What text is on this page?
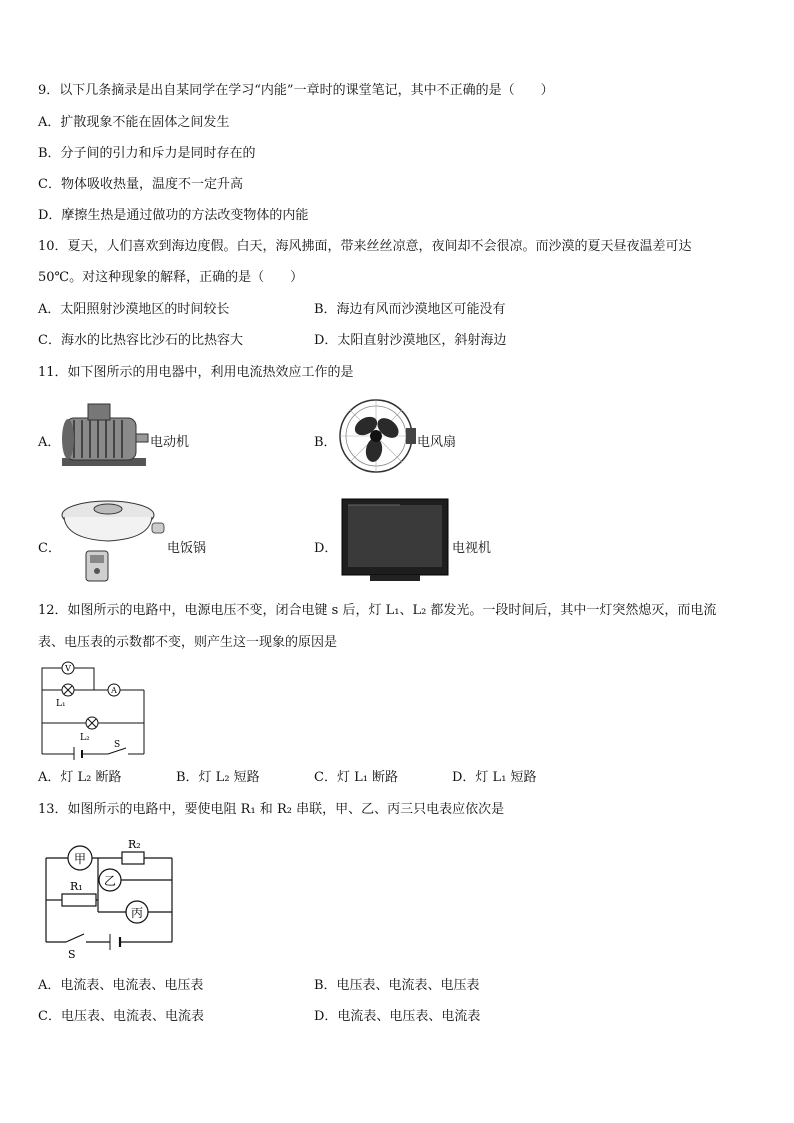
9．以下几条摘录是出自某同学在学习“内能”一章时的课堂笔记，其中不正确的是（　　）
A．扩散现象不能在固体之间发生
B．分子间的引力和斥力是同时存在的
C．物体吸收热量，温度不一定升高
D．摩擦生热是通过做功的方法改变物体的内能
10．夏天，人们喜欢到海边度假。白天，海风拂面，带来丝丝凉意，夜间却不会很凉。而沙漠的夏天昼夜温差可达
50℃。对这种现象的解释，正确的是（　　）
A．太阳照射沙漠地区的时间较长	B．海边有风而沙漠地区可能没有
C．海水的比热容比沙石的比热容大	D．太阳直射沙漠地区，斜射海边
11．如下图所示的用电器中，利用电流热效应工作的是
A．	电动机	B．	电风扇
C．	电饭锅	D．	电视机
12．如图所示的电路中，电源电压不变，闭合电键 s 后，灯 L₁、L₂ 都发光。一段时间后，其中一灯突然熄灭，而电流
表、电压表的示数都不变，则产生这一现象的原因是
V
L₁
A
L₂
S
A．灯 L₂ 断路	B．灯 L₂ 短路	C．灯 L₁ 断路	D．灯 L₁ 短路
13．如图所示的电路中，要使电阻 R₁ 和 R₂ 串联，甲、乙、丙三只电表应依次是
甲
R₂
乙
R₁
丙
S
A．电流表、电流表、电压表	B．电压表、电流表、电压表
C．电压表、电流表、电流表	D．电流表、电压表、电流表
